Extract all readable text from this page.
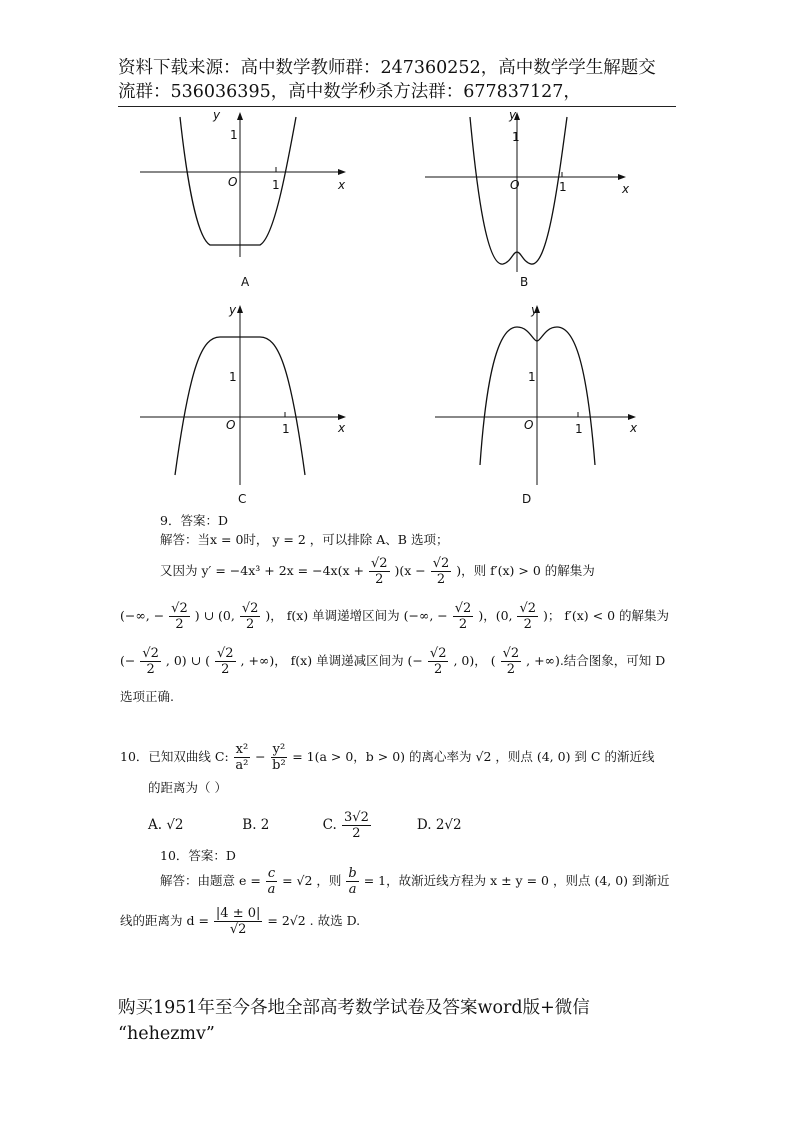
资料下载来源：高中数学教师群：247360252，高中数学学生解题交
流群：536036395，高中数学秒杀方法群：677837127，
y
1
O	1	x
A
y
1
O	1	x
B
y
1
O	1	x
C
y
1
O	1	x
D
9．答案：D
解答：当x = 0时， y = 2 ，可以排除 A、B 选项；
又因为 $y' = -4x^3 + 2x = -4x(x + \frac{√2}{2} )(x - \frac{√2}{2}$ )，则 f′(x) > 0 的解集为
(−∞, − $\frac{√2}{2}$ ) ∪ (0, $\frac{√2}{2}$ )， f(x) 单调递增区间为 (−∞, − $\frac{√2}{2}$ )，(0, $\frac{√2}{2}$ )； f′(x) < 0 的解集为
(− $\frac{√2}{2}$ , 0) ∪ ( $\frac{√2}{2}$ , +∞)， f(x) 单调递减区间为 (− $\frac{√2}{2}$ , 0)， ( $\frac{√2}{2}$ , +∞).结合图象，可知 D
选项正确.
10．已知双曲线 C: $\frac{\text{x²}}{\text{a²}} - \frac{\text{y²}}{\text{b²}} = 1(a > 0$，b > 0) 的离心率为 √2 ，则点 (4, 0) 到 C 的渐近线
的距离为（ ）
A. √2	B. 2	C. $\frac{3√2}{2}$	D. 2√2
10．答案：D
解答：由题意 $e = \frac{c}{a} = √2$ ，则 $\frac{b}{a} = 1$，故渐近线方程为 x ± y = 0 ，则点 (4, 0) 到渐近
线的距离为 $d = \frac{|4 \pm 0|}{√2} = 2√2$ . 故选 D.
购买1951年至今各地全部高考数学试卷及答案word版+微信
“hehezmv”
